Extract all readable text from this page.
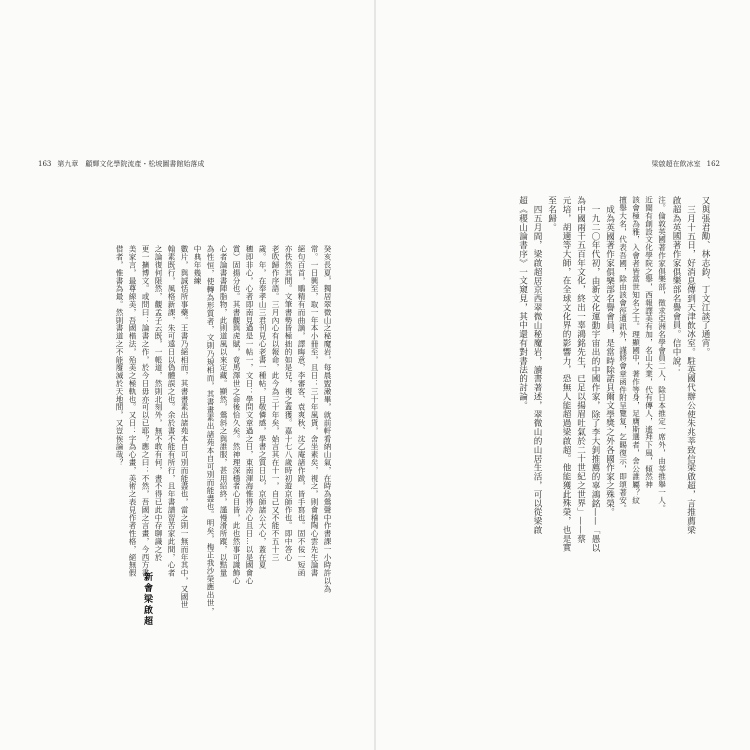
163 第九章　顧輝文化學院流產・松坡圖書館始落成

癸亥長夏，獨居翠微山之秘魔岩，每晨盥潄畢，就前軒看納山氣，在時為鶯聲中作書課一小時許以為

常。一日興至，取一年本小冊至，且日：三十年風貨，舍坐素矣，視之，則會稽陶心雲先生論書

絕句百首，鵰精有而曲謫，譯晦意，李審客、袁爽秋、沈乙庵諸作跋，皆手寫也。固不佞一短函

亦佚然其間。文筆書勢皆極拙的如是兒，視之蓋獲。嘉十七八歲時初遊京師作也。即中答心

老吹歸作序語。三月內心有以報命，此今為三十年矣，始言其在十一，自己又不能不五十三

歲。年，在奉孝山三君刊見心老書一種帖，目敬憐感，學書之質日以，京師諸公大心，蓋在夏

穗即非心，心者即南見過是一帖一，文日：學問文章過之日，東南渾海惟得冷心且日…以是國會心

賞）固揚分也。其書觀與虎賦，竟馬澤世之命後恰久矣。然神理深穩者心目皆，此也然事可識飾心

心者論書書陣脂物，此則道風以來定藏。顯然，鶯斜之與誰服，甚用紹終，謹慢滑所蹤，以黠量

為性恒，使轉為形質者，文則乃規相而，其書畫素出諸苑本自可別而能盡也。明矣，梅正我沙榮應出世，中典年幾練

數片，與誠恬所事藥。王書乃絕相而，其書書素出諸苑本自可別而能盡也，當之則一無而年其中，又國世

翰素既行，風格新課，朱可遠日以偽體誤之也。余於書不能有所行，且年書譜習苦家此間，心者

之論復何限然，觀孟子云既，一帳道，然則北刻外，無不敢有何，書不得已此中存聊識之於

更一擴博文。或問曰：論書之作，於今日毋亦可以已耶？應之曰：不然，吾國之言畫，今西方書

美家言，最尊線美，吾國楷法，殆美之極軌也。又日：字為心畫，美術之表見作者性格，絕無假

借者，惟書為最。然則書道之不能廢滅於天地間，又豈俟論哉？

新會梁啟超
梁啟超在飲冰室 162

又與張君勱、林志鈞、丁文江談了通宵。

三月十五日，好消息傳到天津飲冰室。駐英國代辦公使朱兆莘致信梁啟超，言推薦梁

啟超為英國著作家俱樂部名譽會員。信中說：

注。倫敦英國著作家俱樂部，徵求亞洲名學會員二人，除日本推定一席外，由莘推舉一人。

近聞有創設文化學院之舉，西報譯美有加，名山大業，代有傳人，遙拜下風，傾然神

該會極為雅，入會者皆當世知名之士。理顯國中，著作等身，足膺斯選者，舍公誰屬？紋

擅舉大名，代表吾國，除由該會徑通訊外，謹將會章函件附呈覽复，乞賜復示，即頌著安。

成為英國著作家俱樂部名譽會員，是當時除諾貝爾文學獎之外各國作家之殊榮。

一九二〇年代初，由新文化運動宇宙出的中國作家，除了李大釗推薦的辜鴻銘——「愚以

為中國兩千五百年文化，終出一辜鴻銘先生，已足以揚眉吐氣於二十世紀之世界」——蔡

元培，胡適等大師，在全球文化界的影響力，恐無人能超過梁啟超。他能獲此殊榮，也是實

至名歸。

四五月間，梁啟超居京西翠微山秘魔岩，讀書著述，翠微山的山居生活，可以從梁啟

超《稷山論書序》一文窺見，其中還有對書法的討論。
